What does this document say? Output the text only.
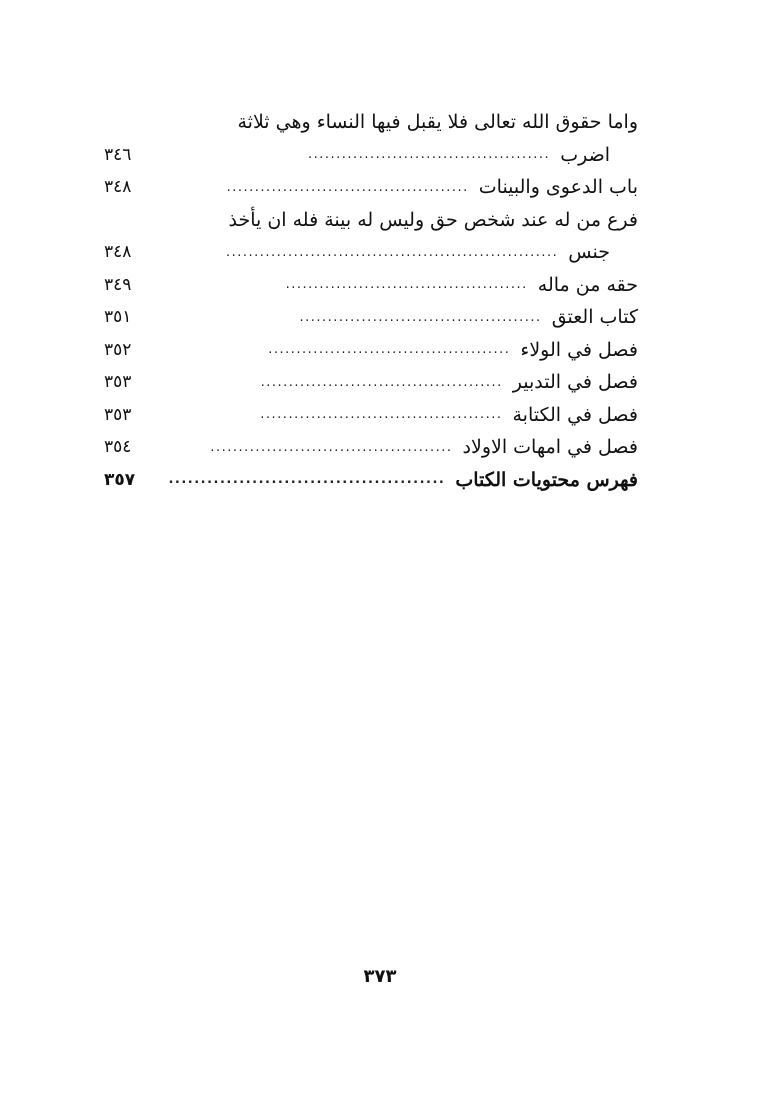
واما حقوق الله تعالى فلا يقبل فيها النساء وهي ثلاثة
اضرب
...........................................
٣٤٦
باب الدعوى والبينات
...........................................
٣٤٨
فرع من له عند شخص حق وليس له بينة فله ان يأخذ
جنس
...........................................................
٣٤٨
حقه من ماله
...........................................
٣٤٩
كتاب العتق
...........................................
٣٥١
فصل في الولاء
...........................................
٣٥٢
فصل في التدبير
...........................................
٣٥٣
فصل في الكتابة
...........................................
٣٥٣
فصل في امهات الاولاد
...........................................
٣٥٤
فهرس محتويات الكتاب
...........................................
٣٥٧
٣٧٣
